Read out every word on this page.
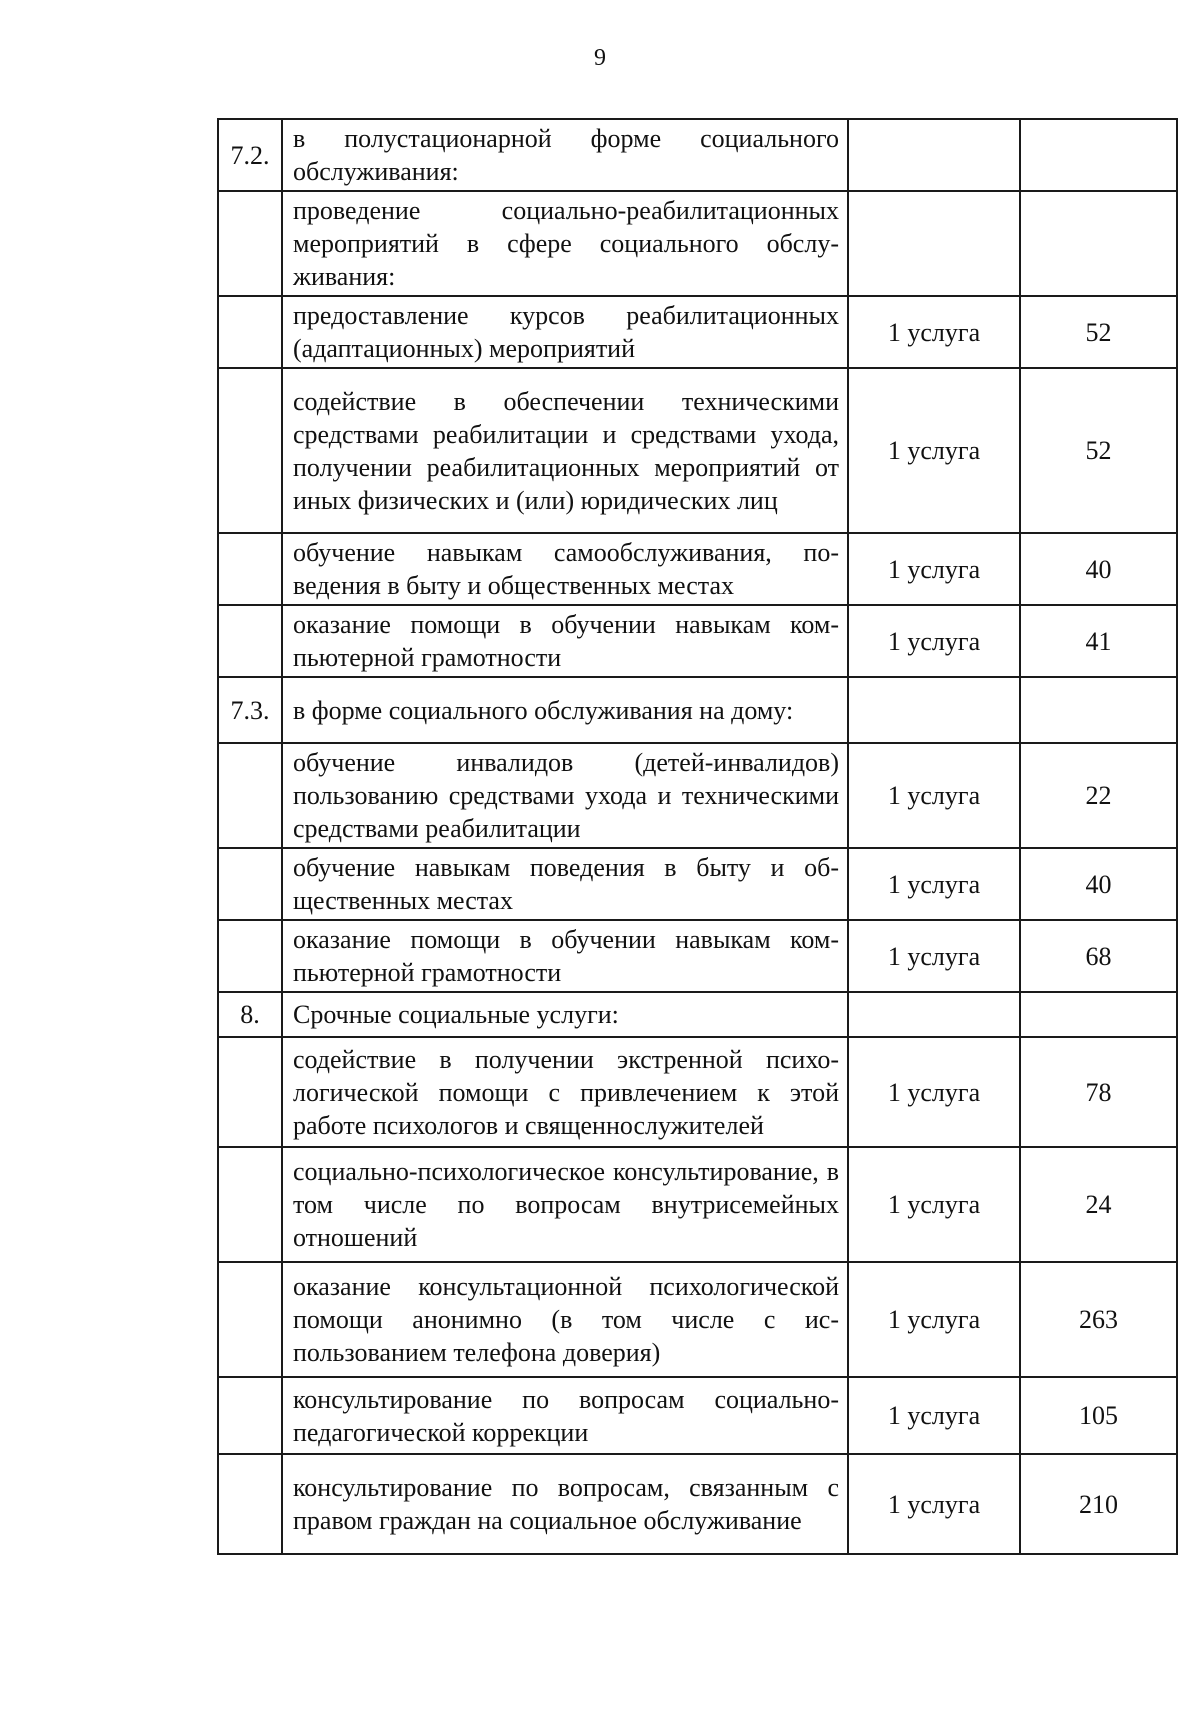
9
7.2.	в полустационарной форме социального обслуживания:		
	проведение социально-реабилитационных мероприятий в сфере социального обслуживания:		
	предоставление курсов реабилитационных (адаптационных) мероприятий	1 услуга	52
	содействие в обеспечении техническими средствами реабилитации и средствами ухода, получении реабилитационных мероприятий от иных физических и (или) юридических лиц	1 услуга	52
	обучение навыкам самообслуживания, поведения в быту и общественных местах	1 услуга	40
	оказание помощи в обучении навыкам компьютерной грамотности	1 услуга	41
7.3.	в форме социального обслуживания на дому:		
	обучение инвалидов (детей-инвалидов) пользованию средствами ухода и техническими средствами реабилитации	1 услуга	22
	обучение навыкам поведения в быту и общественных местах	1 услуга	40
	оказание помощи в обучении навыкам компьютерной грамотности	1 услуга	68
8.	Срочные социальные услуги:		
	содействие в получении экстренной психологической помощи с привлечением к этой работе психологов и священнослужителей	1 услуга	78
	социально-психологическое консультирование, в том числе по вопросам внутрисемейных отношений	1 услуга	24
	оказание консультационной психологической помощи анонимно (в том числе с использованием телефона доверия)	1 услуга	263
	консультирование по вопросам социально-педагогической коррекции	1 услуга	105
	консультирование по вопросам, связанным с правом граждан на социальное обслуживание	1 услуга	210
